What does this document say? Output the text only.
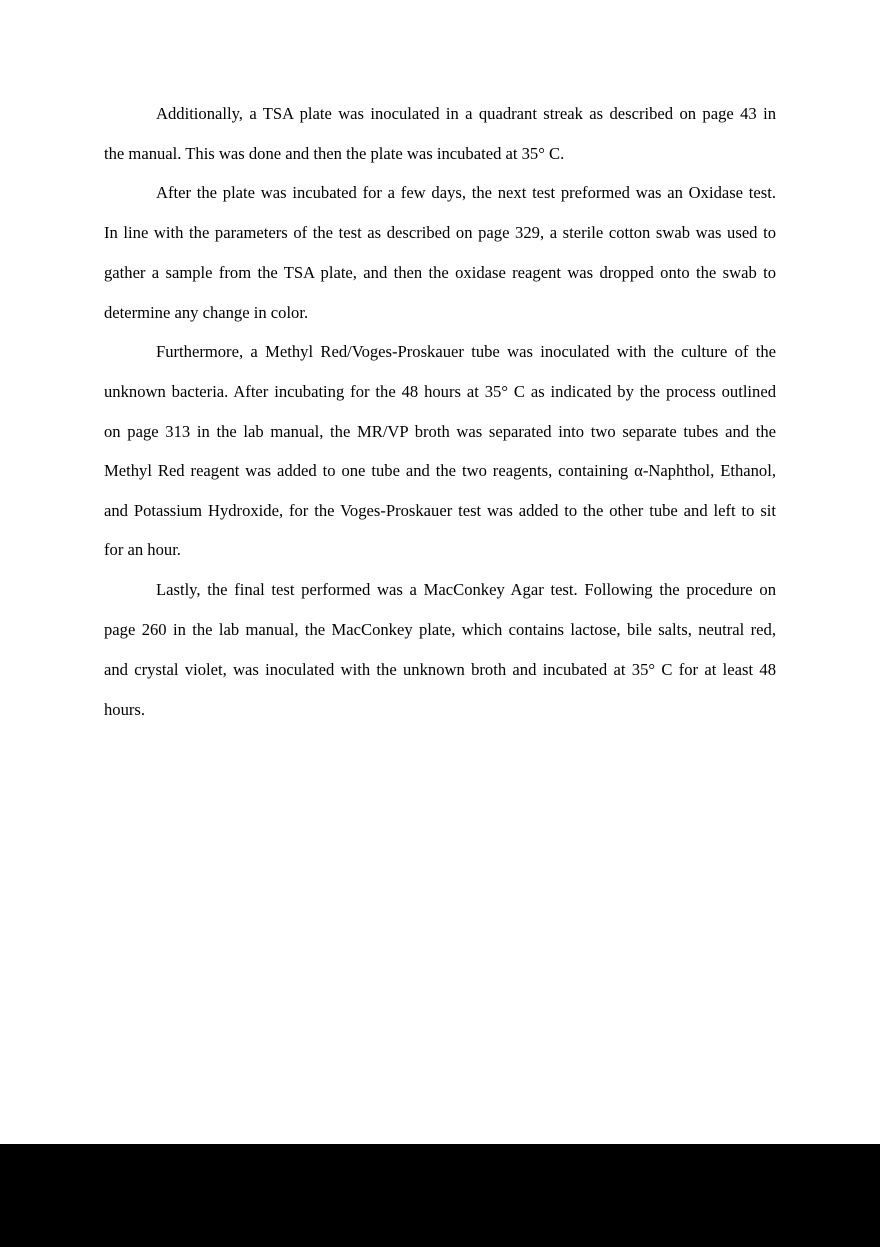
Additionally, a TSA plate was inoculated in a quadrant streak as described on page 43 in
the manual. This was done and then the plate was incubated at 35° C.
After the plate was incubated for a few days, the next test preformed was an Oxidase test.
In line with the parameters of the test as described on page 329, a sterile cotton swab was used to
gather a sample from the TSA plate, and then the oxidase reagent was dropped onto the swab to
determine any change in color.
Furthermore, a Methyl Red/Voges-Proskauer tube was inoculated with the culture of the
unknown bacteria. After incubating for the 48 hours at 35° C as indicated by the process outlined
on page 313 in the lab manual, the MR/VP broth was separated into two separate tubes and the
Methyl Red reagent was added to one tube and the two reagents, containing α-Naphthol, Ethanol,
and Potassium Hydroxide, for the Voges-Proskauer test was added to the other tube and left to sit
for an hour.
Lastly, the final test performed was a MacConkey Agar test. Following the procedure on
page 260 in the lab manual, the MacConkey plate, which contains lactose, bile salts, neutral red,
and crystal violet, was inoculated with the unknown broth and incubated at 35° C for at least 48
hours.
